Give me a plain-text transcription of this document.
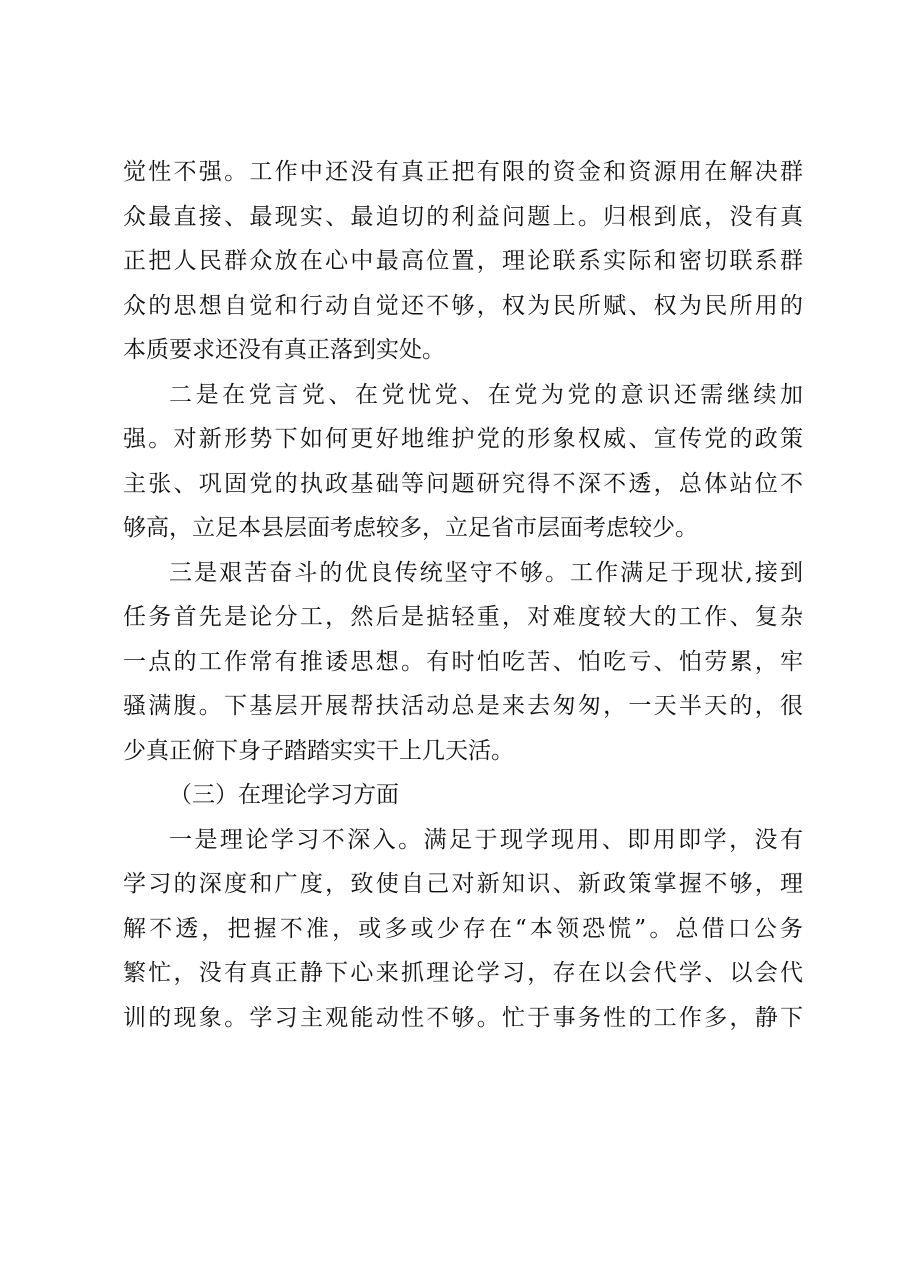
觉性不强。工作中还没有真正把有限的资金和资源用在解决群
众最直接、最现实、最迫切的利益问题上。归根到底，没有真
正把人民群众放在心中最高位置，理论联系实际和密切联系群
众的思想自觉和行动自觉还不够，权为民所赋、权为民所用的
本质要求还没有真正落到实处。
二是在党言党、在党忧党、在党为党的意识还需继续加
强。对新形势下如何更好地维护党的形象权威、宣传党的政策
主张、巩固党的执政基础等问题研究得不深不透，总体站位不
够高，立足本县层面考虑较多，立足省市层面考虑较少。
三是艰苦奋斗的优良传统坚守不够。工作满足于现状,接到
任务首先是论分工，然后是掂轻重，对难度较大的工作、复杂
一点的工作常有推诿思想。有时怕吃苦、怕吃亏、怕劳累，牢
骚满腹。下基层开展帮扶活动总是来去匆匆，一天半天的，很
少真正俯下身子踏踏实实干上几天活。
（三）在理论学习方面
一是理论学习不深入。满足于现学现用、即用即学，没有
学习的深度和广度，致使自己对新知识、新政策掌握不够，理
解不透，把握不准，或多或少存在“本领恐慌”。总借口公务
繁忙，没有真正静下心来抓理论学习，存在以会代学、以会代
训的现象。学习主观能动性不够。忙于事务性的工作多，静下
